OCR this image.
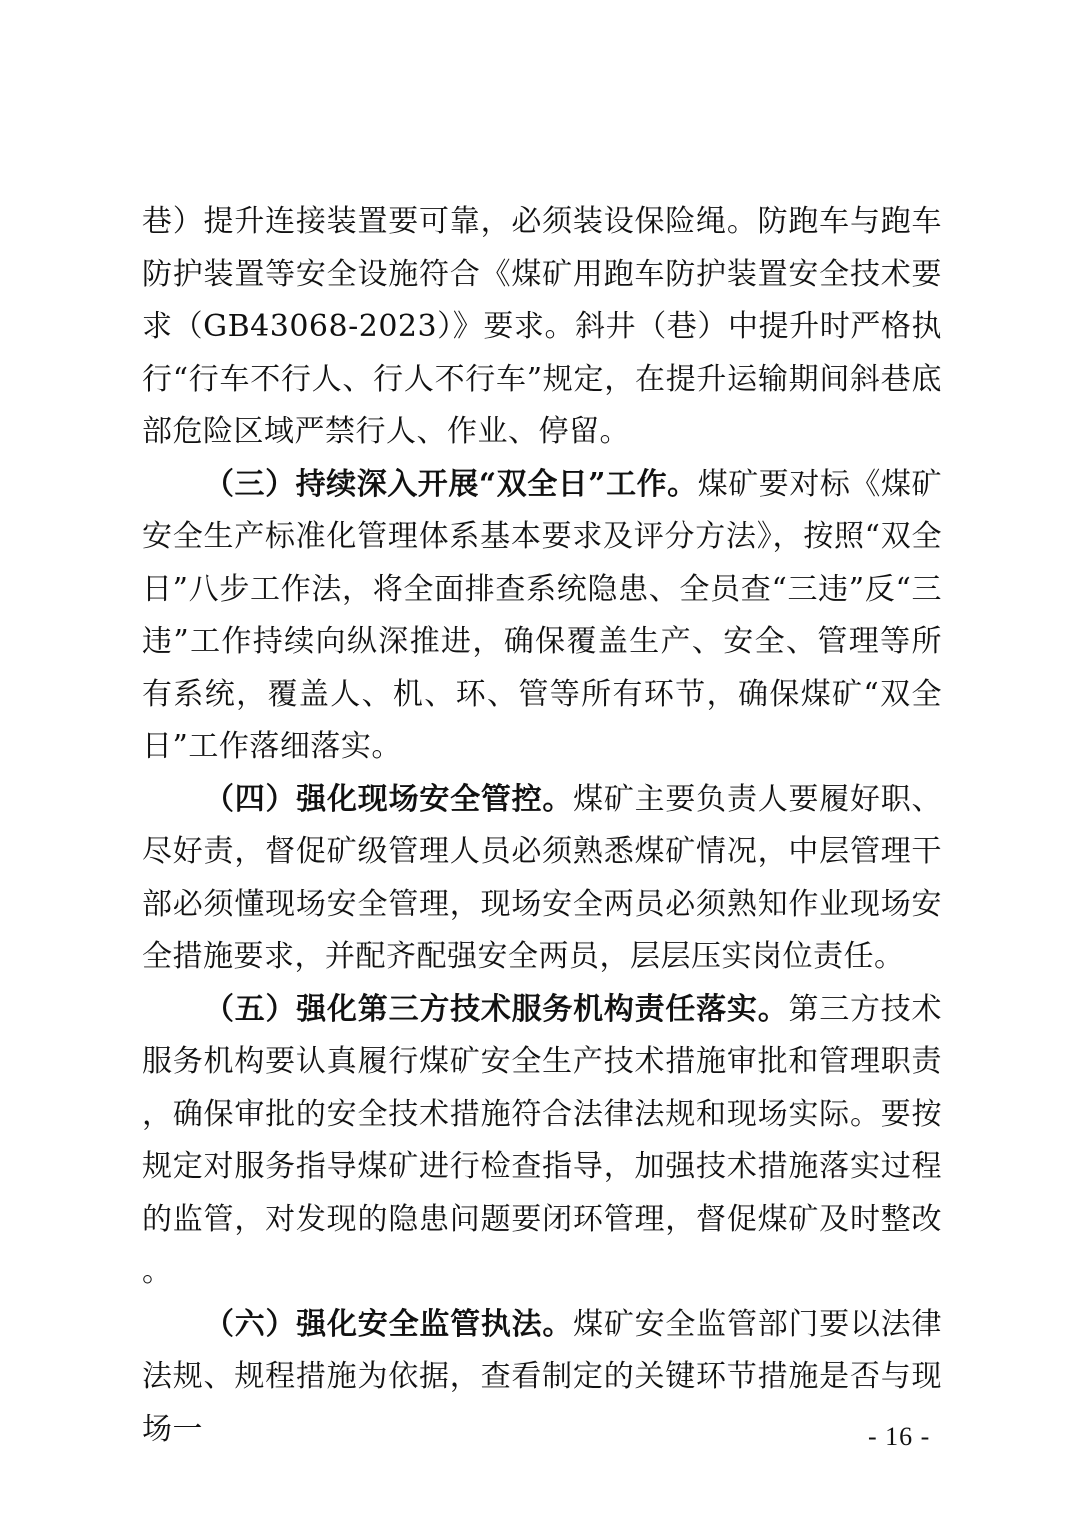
巷）提升连接装置要可靠，必须装设保险绳。防跑车与跑车防护装置等安全设施符合《煤矿用跑车防护装置安全技术要求（GB43068-2023）》要求。斜井（巷）中提升时严格执行“行车不行人、行人不行车”规定，在提升运输期间斜巷底部危险区域严禁行人、作业、停留。

（三）持续深入开展“双全日”工作。煤矿要对标《煤矿安全生产标准化管理体系基本要求及评分方法》，按照“双全日”八步工作法，将全面排查系统隐患、全员查“三违”反“三违”工作持续向纵深推进，确保覆盖生产、安全、管理等所有系统，覆盖人、机、环、管等所有环节，确保煤矿“双全日”工作落细落实。

（四）强化现场安全管控。煤矿主要负责人要履好职、尽好责，督促矿级管理人员必须熟悉煤矿情况，中层管理干部必须懂现场安全管理，现场安全两员必须熟知作业现场安全措施要求，并配齐配强安全两员，层层压实岗位责任。

（五）强化第三方技术服务机构责任落实。第三方技术服务机构要认真履行煤矿安全生产技术措施审批和管理职责，确保审批的安全技术措施符合法律法规和现场实际。要按规定对服务指导煤矿进行检查指导，加强技术措施落实过程的监管，对发现的隐患问题要闭环管理，督促煤矿及时整改。

（六）强化安全监管执法。煤矿安全监管部门要以法律法规、规程措施为依据，查看制定的关键环节措施是否与现场一	- 16 -
